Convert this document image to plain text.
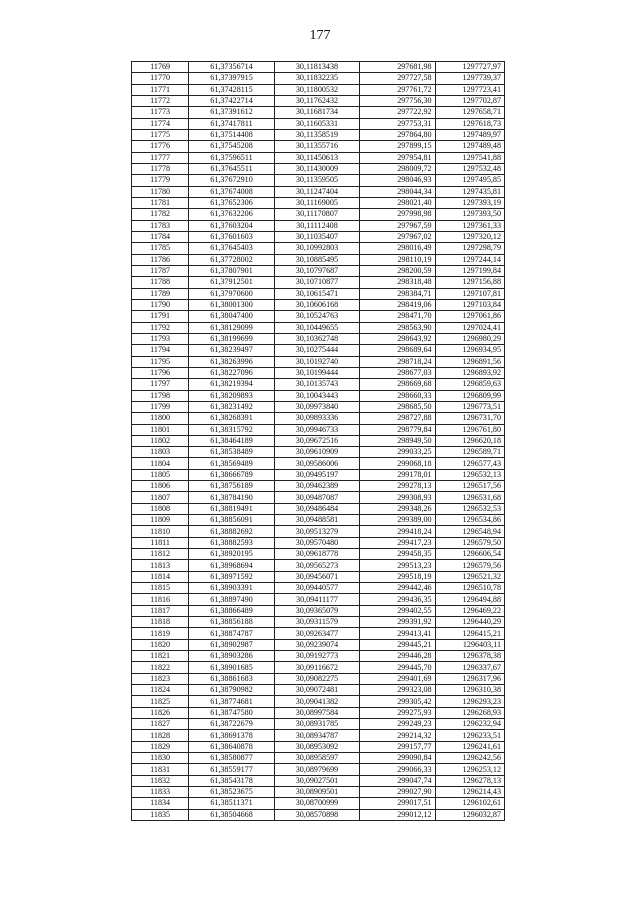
177
11769	61,37356714	30,11813438	297681,98	1297727,97
11770	61,37397915	30,11832235	297727,58	1297739,37
11771	61,37428115	30,11800532	297761,72	1297723,41
11772	61,37422714	30,11762432	297756,30	1297702,87
11773	61,37391612	30,11681734	297722,92	1297658,71
11774	61,37417811	30,11605331	297753,31	1297618,73
11775	61,37514408	30,11358519	297864,80	1297489,97
11776	61,37545208	30,11355716	297899,15	1297489,48
11777	61,37596511	30,11450613	297954,81	1297541,88
11778	61,37645511	30,11430009	298009,72	1297532,48
11779	61,37672910	30,11359505	298046,93	1297495,85
11780	61,37674008	30,11247404	298044,34	1297435,81
11781	61,37652306	30,11169005	298021,40	1297393,19
11782	61,37632206	30,11170807	297998,98	1297393,50
11783	61,37603204	30,11112408	297967,59	1297361,33
11784	61,37601603	30,11035407	297967,02	1297320,12
11785	61,37645403	30,10992803	298016,49	1297298,79
11786	61,37728002	30,10885495	298110,19	1297244,14
11787	61,37807901	30,10797687	298200,59	1297199,84
11788	61,37912501	30,10710877	298318,48	1297156,88
11789	61,37970600	30,10615471	298384,71	1297107,81
11790	61,38001300	30,10606168	298419,06	1297103,84
11791	61,38047400	30,10524763	298471,70	1297061,86
11792	61,38129099	30,10449655	298563,90	1297024,41
11793	61,38199699	30,10362748	298643,92	1296980,29
11794	61,38239497	30,10275444	298689,64	1296934,95
11795	61,38263996	30,10192740	298718,24	1296891,56
11796	61,38227096	30,10199444	298677,03	1296893,92
11797	61,38219394	30,10135743	298669,68	1296859,63
11798	61,38209893	30,10043443	298660,33	1296809,99
11799	61,38231492	30,09973840	298685,50	1296773,51
11800	61,38268391	30,09893336	298727,88	1296731,70
11801	61,38315792	30,09946733	298779,84	1296761,80
11802	61,38464189	30,09672516	298949,50	1296620,18
11803	61,38538489	30,09610909	299033,25	1296589,71
11804	61,38569489	30,09586006	299068,18	1296577,43
11805	61,38666789	30,09495197	299178,01	1296532,13
11806	61,38756189	30,09462389	299278,13	1296517,56
11807	61,38784190	30,09487087	299308,93	1296531,68
11808	61,38819491	30,09486484	299348,26	1296532,53
11809	61,38856091	30,09488581	299389,00	1296534,86
11810	61,38882692	30,09513279	299418,24	1296548,94
11811	61,38882593	30,09570480	299417,23	1296579,50
11812	61,38920195	30,09618778	299458,35	1296606,54
11813	61,38968694	30,09565273	299513,23	1296579,56
11814	61,38971592	30,09456071	299518,19	1296521,32
11815	61,38903391	30,09440577	299442,46	1296510,78
11816	61,38897490	30,09411177	299436,35	1296494,88
11817	61,38866489	30,09365079	299402,55	1296469,22
11818	61,38856188	30,09311579	299391,92	1296440,29
11819	61,38874787	30,09263477	299413,41	1296415,21
11820	61,38902987	30,09239074	299445,21	1296403,11
11821	61,38903286	30,09192773	299446,28	1296378,38
11822	61,38901685	30,09116672	299445,70	1296337,67
11823	61,38861683	30,09082275	299401,69	1296317,96
11824	61,38790982	30,09072481	299323,08	1296310,38
11825	61,38774681	30,09041382	299305,42	1296293,23
11826	61,38747580	30,08997584	299275,93	1296268,93
11827	61,38722679	30,08931785	299249,23	1296232,94
11828	61,38691378	30,08934787	299214,32	1296233,51
11829	61,38640878	30,08953092	299157,77	1296241,61
11830	61,38580877	30,08958597	299090,84	1296242,56
11831	61,38559177	30,08979699	299066,33	1296253,12
11832	61,38543178	30,09027501	299047,74	1296278,13
11833	61,38523675	30,08909501	299027,90	1296214,43
11834	61,38511371	30,08700999	299017,51	1296102,61
11835	61,38504668	30,08570898	299012,12	1296032,87
